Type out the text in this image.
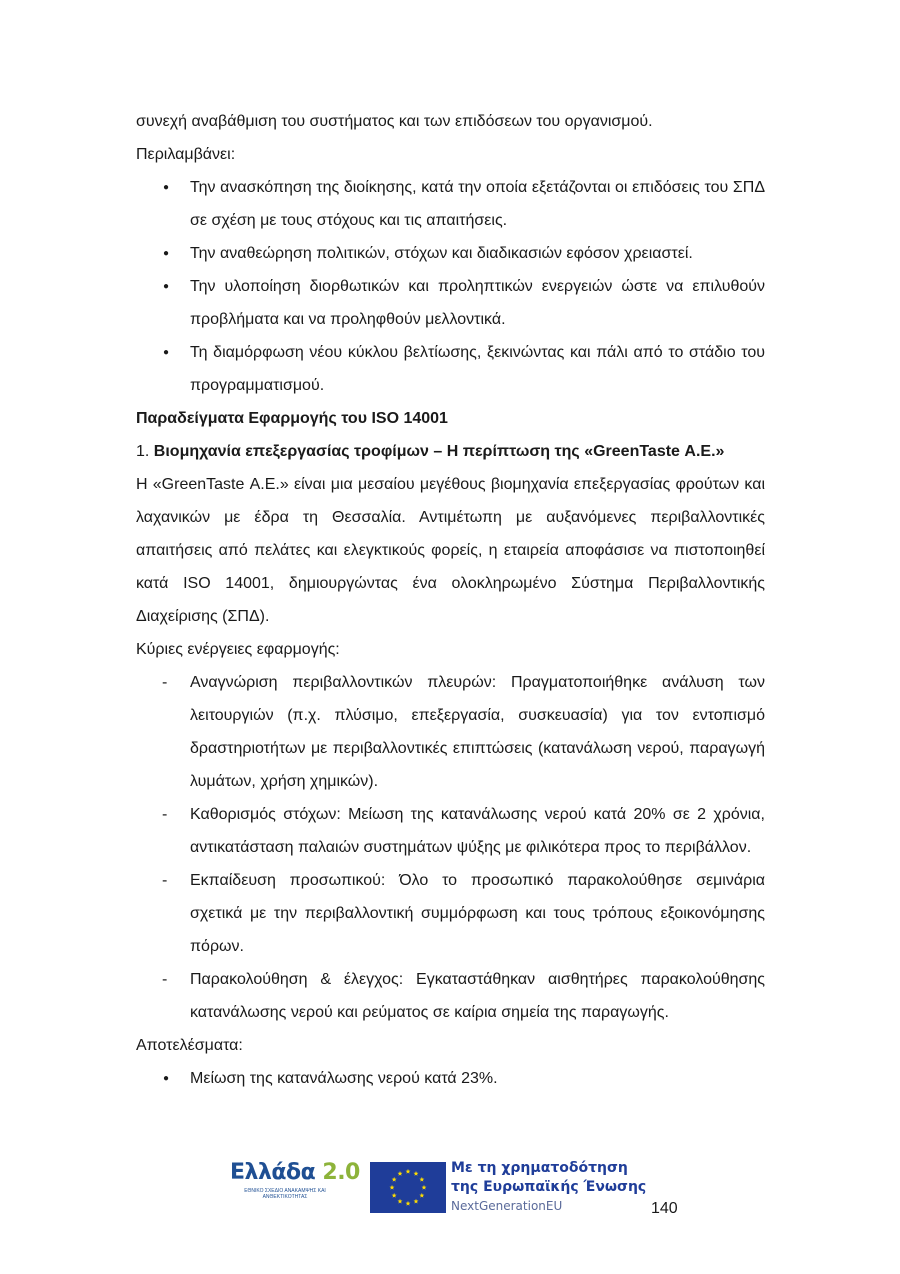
συνεχή αναβάθμιση του συστήματος και των επιδόσεων του οργανισμού.

Περιλαμβάνει:

● Την ανασκόπηση της διοίκησης, κατά την οποία εξετάζονται οι επιδόσεις του ΣΠΔ σε σχέση με τους στόχους και τις απαιτήσεις.
● Την αναθεώρηση πολιτικών, στόχων και διαδικασιών εφόσον χρειαστεί.
● Την υλοποίηση διορθωτικών και προληπτικών ενεργειών ώστε να επιλυθούν προβλήματα και να προληφθούν μελλοντικά.
● Τη διαμόρφωση νέου κύκλου βελτίωσης, ξεκινώντας και πάλι από το στάδιο του προγραμματισμού.

Παραδείγματα Εφαρμογής του ISO 14001

1. Βιομηχανία επεξεργασίας τροφίμων – Η περίπτωση της «GreenTaste Α.Ε.»

Η «GreenTaste Α.Ε.» είναι μια μεσαίου μεγέθους βιομηχανία επεξεργασίας φρούτων και λαχανικών με έδρα τη Θεσσαλία. Αντιμέτωπη με αυξανόμενες περιβαλλοντικές απαιτήσεις από πελάτες και ελεγκτικούς φορείς, η εταιρεία αποφάσισε να πιστοποιηθεί κατά ISO 14001, δημιουργώντας ένα ολοκληρωμένο Σύστημα Περιβαλλοντικής Διαχείρισης (ΣΠΔ).

Κύριες ενέργειες εφαρμογής:

- Αναγνώριση περιβαλλοντικών πλευρών: Πραγματοποιήθηκε ανάλυση των λειτουργιών (π.χ. πλύσιμο, επεξεργασία, συσκευασία) για τον εντοπισμό δραστηριοτήτων με περιβαλλοντικές επιπτώσεις (κατανάλωση νερού, παραγωγή λυμάτων, χρήση χημικών).
- Καθορισμός στόχων: Μείωση της κατανάλωσης νερού κατά 20% σε 2 χρόνια, αντικατάσταση παλαιών συστημάτων ψύξης με φιλικότερα προς το περιβάλλον.
- Εκπαίδευση προσωπικού: Όλο το προσωπικό παρακολούθησε σεμινάρια σχετικά με την περιβαλλοντική συμμόρφωση και τους τρόπους εξοικονόμησης πόρων.
- Παρακολούθηση & έλεγχος: Εγκαταστάθηκαν αισθητήρες παρακολούθησης κατανάλωσης νερού και ρεύματος σε καίρια σημεία της παραγωγής.

Αποτελέσματα:

● Μείωση της κατανάλωσης νερού κατά 23%.
Ελλάδα 2.0
ΕΘΝΙΚΟ ΣΧΕΔΙΟ ΑΝΑΚΑΜΨΗΣ ΚΑΙ ΑΝΘΕΚΤΙΚΟΤΗΤΑΣ
Με τη χρηματοδότηση
της Ευρωπαϊκής Ένωσης
NextGenerationEU	140
